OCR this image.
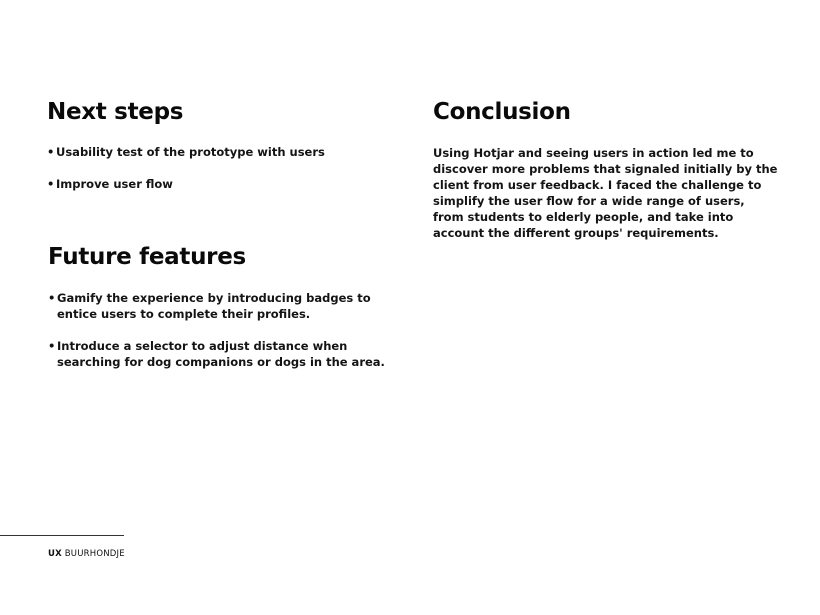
Next steps
• Usability test of the prototype with users
• Improve user flow
Future features
• Gamify the experience by introducing badges to entice users to complete their profiles.
• Introduce a selector to adjust distance when searching for dog companions or dogs in the area.
Conclusion

Using Hotjar and seeing users in action led me to discover more problems that signaled initially by the client from user feedback. I faced the challenge to simplify the user flow for a wide range of users, from students to elderly people, and take into account the different groups' requirements.

UX BUURHONDJE
